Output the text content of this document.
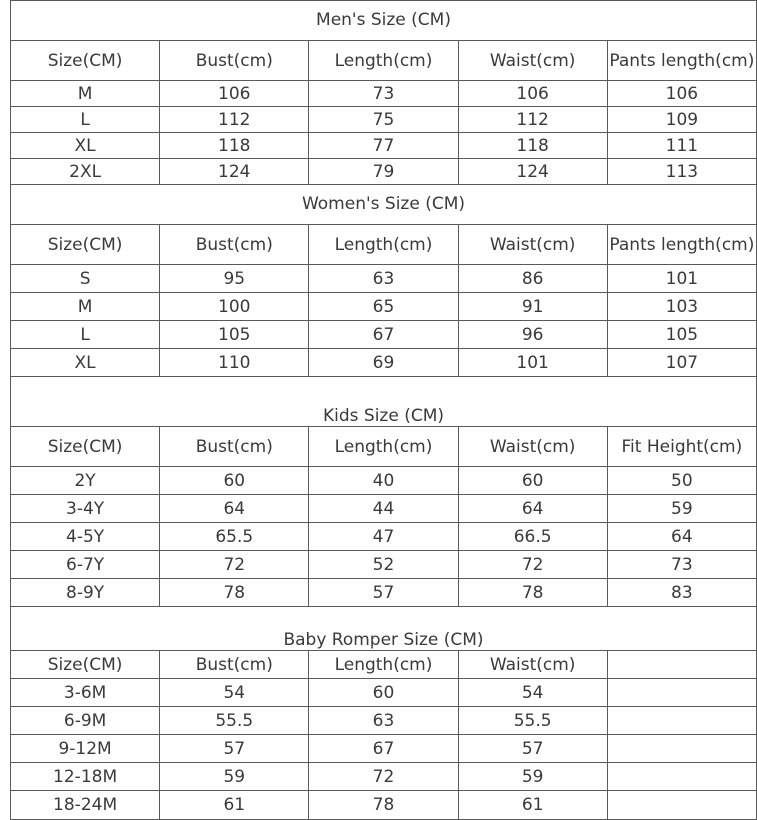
Men's Size (CM)				
Size(CM)	Bust(cm)	Length(cm)	Waist(cm)	Pants length(cm)
M	106	73	106	106
L	112	75	112	109
XL	118	77	118	111
2XL	124	79	124	113
Women's Size (CM)				
Size(CM)	Bust(cm)	Length(cm)	Waist(cm)	Pants length(cm)
S	95	63	86	101
M	100	65	91	103
L	105	67	96	105
XL	110	69	101	107
Kids Size (CM)				
Size(CM)	Bust(cm)	Length(cm)	Waist(cm)	Fit Height(cm)
2Y	60	40	60	50
3-4Y	64	44	64	59
4-5Y	65.5	47	66.5	64
6-7Y	72	52	72	73
8-9Y	78	57	78	83
Baby Romper Size (CM)				
Size(CM)	Bust(cm)	Length(cm)	Waist(cm)	
3-6M	54	60	54	
6-9M	55.5	63	55.5	
9-12M	57	67	57	
12-18M	59	72	59	
18-24M	61	78	61	
